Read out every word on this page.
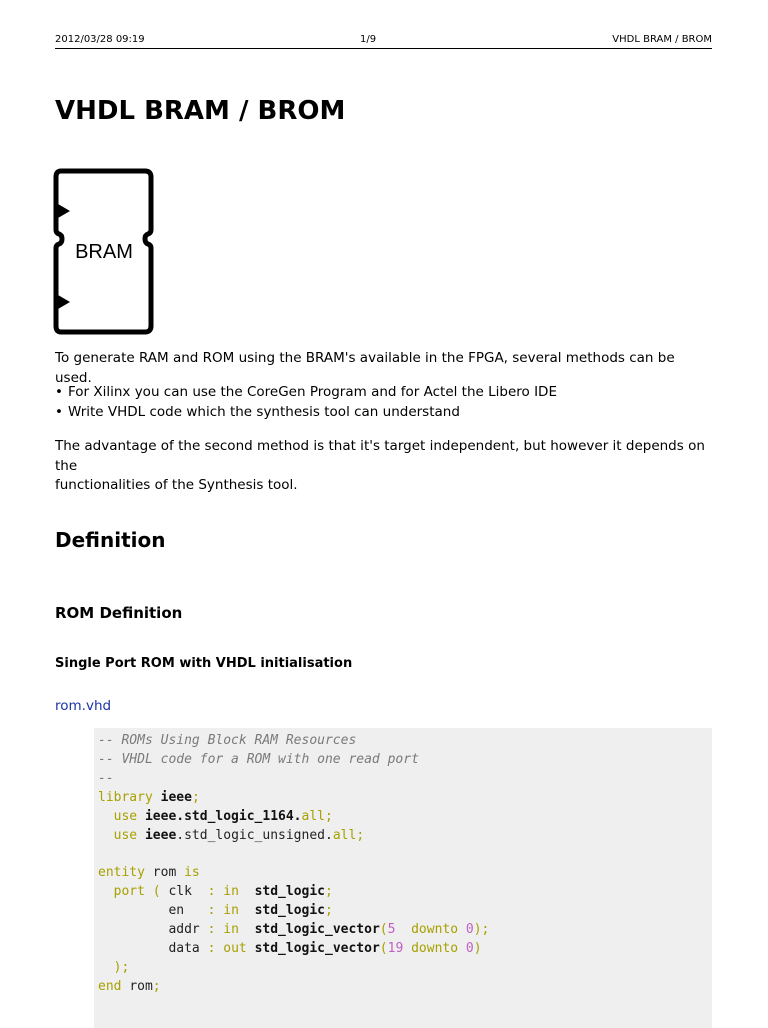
2012/03/28 09:19	1/9	VHDL BRAM / BROM
VHDL BRAM / BROM
BRAM

To generate RAM and ROM using the BRAM's available in the FPGA, several methods can be used.

• For Xilinx you can use the CoreGen Program and for Actel the Libero IDE
• Write VHDL code which the synthesis tool can understand

The advantage of the second method is that it's target independent, but however it depends on the
functionalities of the Synthesis tool.

Definition
ROM Definition
Single Port ROM with VHDL initialisation
rom.vhd
-- ROMs Using Block RAM Resources
-- VHDL code for a ROM with one read port
--
library ieee;
use ieee.std_logic_1164.all;
use ieee.std_logic_unsigned.all;

entity rom is
port ( clk : in std_logic;
en : in std_logic;
addr : in std_logic_vector(5 downto 0);
data : out std_logic_vector(19 downto 0)
);
end rom;
